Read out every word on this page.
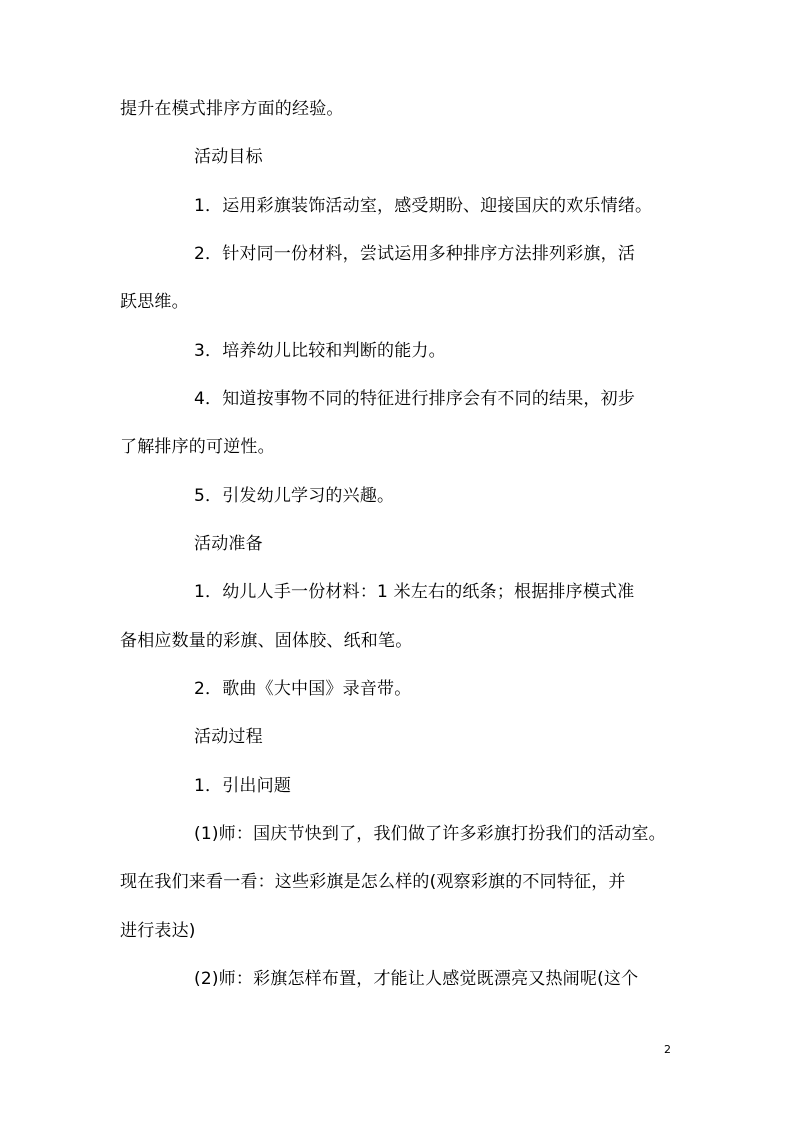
提升在模式排序方面的经验。
活动目标
1．运用彩旗装饰活动室，感受期盼、迎接国庆的欢乐情绪。
2．针对同一份材料，尝试运用多种排序方法排列彩旗，活
跃思维。
3．培养幼儿比较和判断的能力。
4．知道按事物不同的特征进行排序会有不同的结果，初步
了解排序的可逆性。
5．引发幼儿学习的兴趣。
活动准备
1．幼儿人手一份材料：1 米左右的纸条；根据排序模式准
备相应数量的彩旗、固体胶、纸和笔。
2．歌曲《大中国》录音带。
活动过程
1．引出问题
(1)师：国庆节快到了，我们做了许多彩旗打扮我们的活动室。
现在我们来看一看：这些彩旗是怎么样的(观察彩旗的不同特征，并
进行表达)
(2)师：彩旗怎样布置，才能让人感觉既漂亮又热闹呢(这个
2
